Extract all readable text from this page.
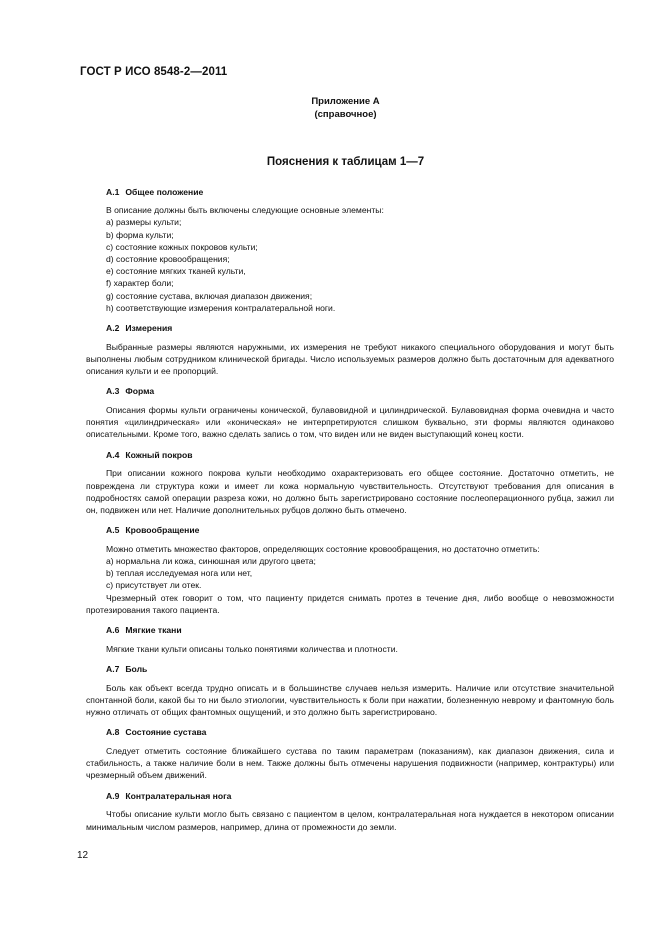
ГОСТ Р ИСО 8548-2—2011
Приложение А
(справочное)
Пояснения к таблицам 1—7
А.1 Общее положение

В описание должны быть включены следующие основные элементы:

a) размеры культи;
b) форма культи;
c) состояние кожных покровов культи;
d) состояние кровообращения;
e) состояние мягких тканей культи,
f) характер боли;
g) состояние сустава, включая диапазон движения;
h) соответствующие измерения контралатеральной ноги.
А.2 Измерения

Выбранные размеры являются наружными, их измерения не требуют никакого специального оборудования и могут быть выполнены любым сотрудником клинической бригады. Число используемых размеров должно быть достаточным для адекватного описания культи и ее пропорций.

А.3 Форма

Описания формы культи ограничены конической, булавовидной и цилиндрической. Булавовидная форма очевидна и часто понятия «цилиндрическая» или «коническая» не интерпретируются слишком буквально, эти формы являются одинаково описательными. Кроме того, важно сделать запись о том, что виден или не виден выступающий конец кости.

А.4 Кожный покров

При описании кожного покрова культи необходимо охарактеризовать его общее состояние. Достаточно отметить, не повреждена ли структура кожи и имеет ли кожа нормальную чувствительность. Отсутствуют требования для описания в подробностях самой операции разреза кожи, но должно быть зарегистрировано состояние послеоперационного рубца, зажил ли он, подвижен или нет. Наличие дополнительных рубцов должно быть отмечено.

А.5 Кровообращение

Можно отметить множество факторов, определяющих состояние кровообращения, но достаточно отметить:

a) нормальна ли кожа, синюшная или другого цвета;
b) теплая исследуемая нога или нет,
c) присутствует ли отек.

Чрезмерный отек говорит о том, что пациенту придется снимать протез в течение дня, либо вообще о невозможности протезирования такого пациента.

А.6 Мягкие ткани

Мягкие ткани культи описаны только понятиями количества и плотности.

А.7 Боль

Боль как объект всегда трудно описать и в большинстве случаев нельзя измерить. Наличие или отсутствие значительной спонтанной боли, какой бы то ни было этиологии, чувствительность к боли при нажатии, болезненную неврому и фантомную боль нужно отличать от общих фантомных ощущений, и это должно быть зарегистрировано.

А.8 Состояние сустава

Следует отметить состояние ближайшего сустава по таким параметрам (показаниям), как диапазон движения, сила и стабильность, а также наличие боли в нем. Также должны быть отмечены нарушения подвижности (например, контрактуры) или чрезмерный объем движений.

А.9 Контралатеральная нога

Чтобы описание культи могло быть связано с пациентом в целом, контралатеральная нога нуждается в некотором описании минимальным числом размеров, например, длина от промежности до земли.

12
